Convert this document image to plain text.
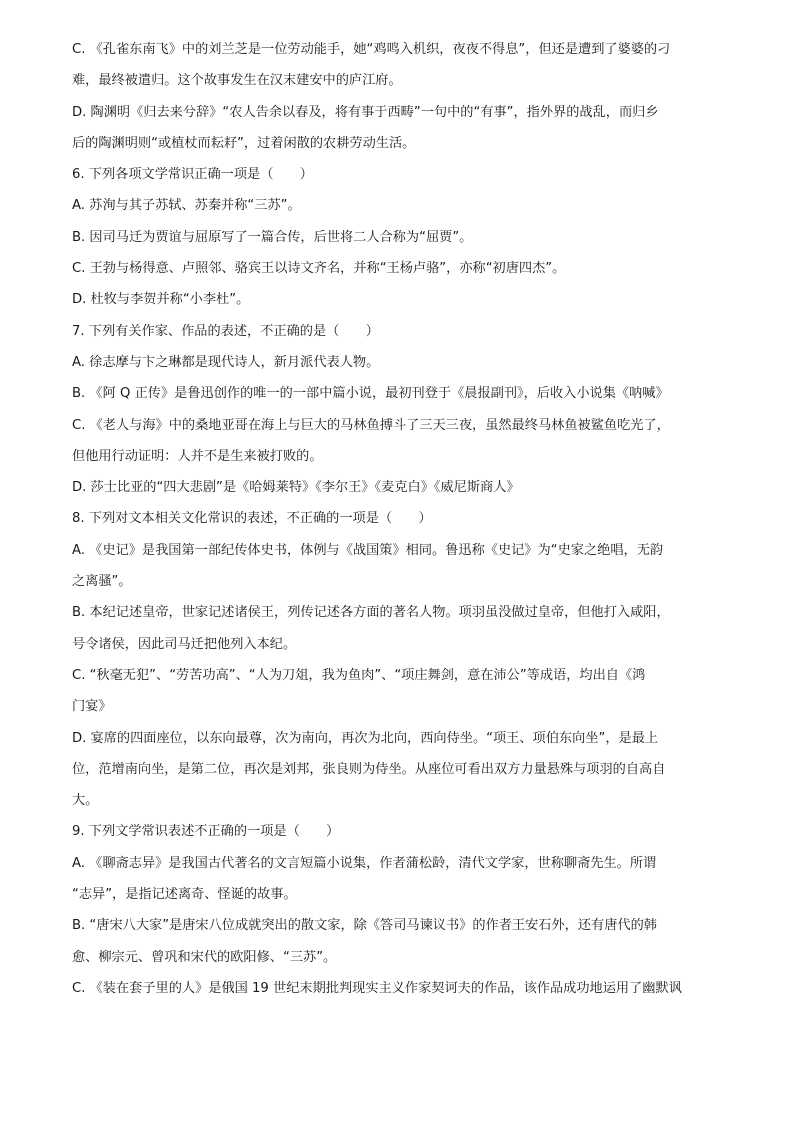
C. 《孔雀东南飞》中的刘兰芝是一位劳动能手，她“鸡鸣入机织，夜夜不得息”，但还是遭到了婆婆的刁
难，最终被遣归。这个故事发生在汉末建安中的庐江府。
D. 陶渊明《归去来兮辞》“农人告余以春及，将有事于西畴”一句中的“有事”，指外界的战乱，而归乡
后的陶渊明则“或植杖而耘耔”，过着闲散的农耕劳动生活。
6. 下列各项文学常识正确一项是（　　）
A. 苏洵与其子苏轼、苏秦并称“三苏”。
B. 因司马迁为贾谊与屈原写了一篇合传，后世将二人合称为“屈贾”。
C. 王勃与杨得意、卢照邻、骆宾王以诗文齐名，并称“王杨卢骆”，亦称“初唐四杰”。
D. 杜牧与李贺并称“小李杜”。
7. 下列有关作家、作品的表述，不正确的是（　　）
A. 徐志摩与卞之琳都是现代诗人，新月派代表人物。
B. 《阿 Q 正传》是鲁迅创作的唯一的一部中篇小说，最初刊登于《晨报副刊》，后收入小说集《呐喊》
C. 《老人与海》中的桑地亚哥在海上与巨大的马林鱼搏斗了三天三夜，虽然最终马林鱼被鲨鱼吃光了，
但他用行动证明：人并不是生来被打败的。
D. 莎士比亚的“四大悲剧”是《哈姆莱特》《李尔王》《麦克白》《威尼斯商人》
8. 下列对文本相关文化常识的表述，不正确的一项是（　　）
A. 《史记》是我国第一部纪传体史书，体例与《战国策》相同。鲁迅称《史记》为“史家之绝唱，无韵
之离骚”。
B. 本纪记述皇帝，世家记述诸侯王，列传记述各方面的著名人物。项羽虽没做过皇帝，但他打入咸阳，
号令诸侯，因此司马迁把他列入本纪。
C. “秋毫无犯”、“劳苦功高”、“人为刀俎，我为鱼肉”、“项庄舞剑，意在沛公”等成语，均出自《鸿
门宴》
D. 宴席的四面座位，以东向最尊，次为南向，再次为北向，西向侍坐。“项王、项伯东向坐”，是最上
位，范增南向坐，是第二位，再次是刘邦，张良则为侍坐。从座位可看出双方力量悬殊与项羽的自高自
大。
9. 下列文学常识表述不正确的一项是（　　）
A. 《聊斋志异》是我国古代著名的文言短篇小说集，作者蒲松龄，清代文学家，世称聊斋先生。所谓
“志异”，是指记述离奇、怪诞的故事。
B. “唐宋八大家”是唐宋八位成就突出的散文家，除《答司马谏议书》的作者王安石外，还有唐代的韩
愈、柳宗元、曾巩和宋代的欧阳修、“三苏”。
C. 《装在套子里的人》是俄国 19 世纪末期批判现实主义作家契诃夫的作品，该作品成功地运用了幽默讽
